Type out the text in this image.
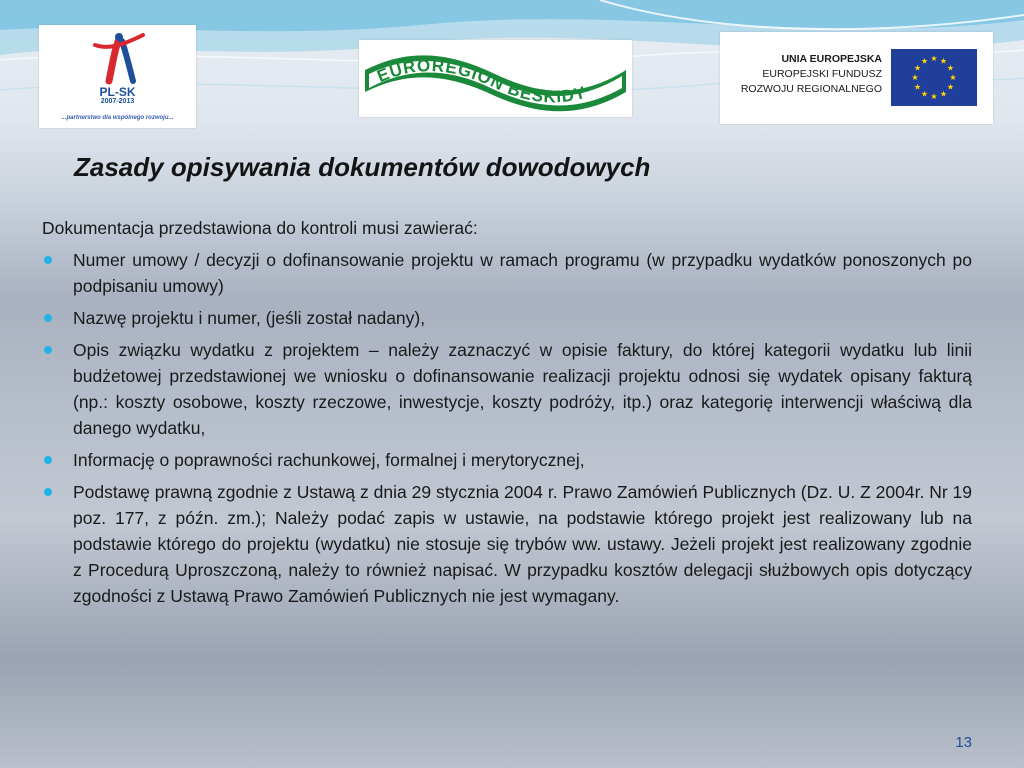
PL-SK
2007-2013
...partnerstwo dla wspólnego rozwoju...
EUROREGION BESKIDY
UNIA EUROPEJSKA
EUROPEJSKI FUNDUSZ
ROZWOJU REGIONALNEGO
Zasady opisywania dokumentów dowodowych
Dokumentacja przedstawiona do kontroli musi zawierać:
Numer umowy / decyzji o dofinansowanie projektu w ramach programu (w przypadku wydatków ponoszonych po podpisaniu umowy)
Nazwę projektu i numer, (jeśli został nadany),
Opis związku wydatku z projektem – należy zaznaczyć w opisie faktury, do której kategorii wydatku lub linii budżetowej przedstawionej we wniosku o dofinansowanie realizacji projektu odnosi się wydatek opisany fakturą (np.: koszty osobowe, koszty rzeczowe, inwestycje, koszty podróży, itp.) oraz kategorię interwencji właściwą dla danego wydatku,
Informację o poprawności rachunkowej, formalnej i merytorycznej,
Podstawę prawną zgodnie z Ustawą z dnia 29 stycznia 2004 r. Prawo Zamówień Publicznych (Dz. U. Z 2004r. Nr 19 poz. 177, z późn. zm.); Należy podać zapis w ustawie, na podstawie którego projekt jest realizowany lub na podstawie którego do projektu (wydatku) nie stosuje się trybów ww. ustawy. Jeżeli projekt jest realizowany zgodnie z Procedurą Uproszczoną, należy to również napisać. W przypadku kosztów delegacji służbowych opis dotyczący zgodności z Ustawą Prawo Zamówień Publicznych nie jest wymagany.
13
